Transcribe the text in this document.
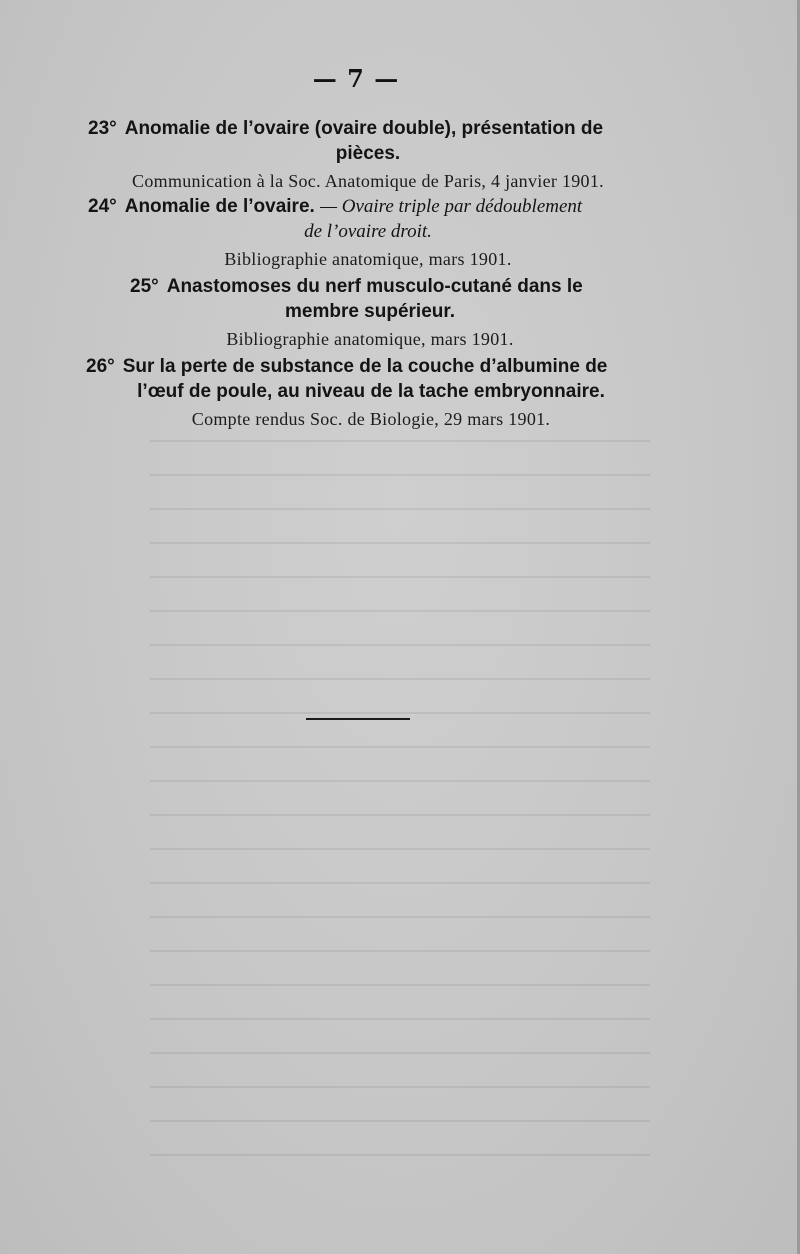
— 7 —

23° Anomalie de l’ovaire (ovaire double), présentation de

pièces.

Communication à la Soc. Anatomique de Paris, 4 janvier 1901.

24° Anomalie de l’ovaire. — Ovaire triple par dédoublement

de l’ovaire droit.

Bibliographie anatomique, mars 1901.

25° Anastomoses du nerf musculo-cutané dans le

membre supérieur.

Bibliographie anatomique, mars 1901.

26° Sur la perte de substance de la couche d’albumine de

l’œuf de poule, au niveau de la tache embryonnaire.

Compte rendus Soc. de Biologie, 29 mars 1901.
